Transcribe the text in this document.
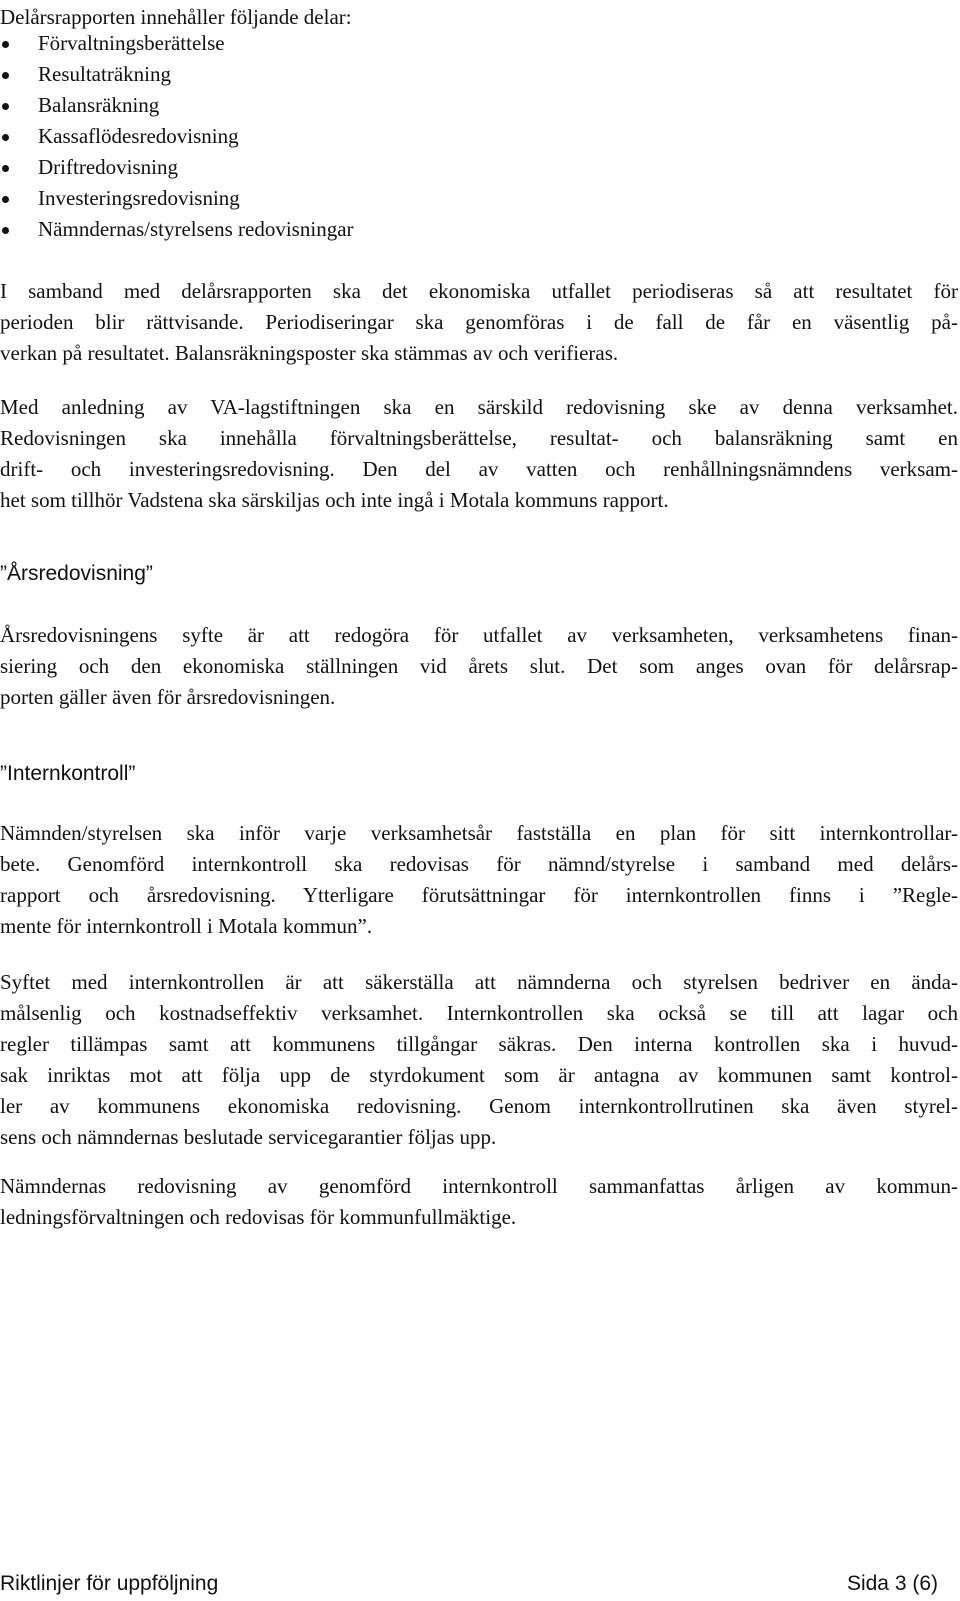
Delårsrapporten innehåller följande delar:

Förvaltningsberättelse
Resultaträkning
Balansräkning
Kassaflödesredovisning
Driftredovisning
Investeringsredovisning
Nämndernas/styrelsens redovisningar
I samband med delårsrapporten ska det ekonomiska utfallet periodiseras så att resultatet för
perioden blir rättvisande. Periodiseringar ska genomföras i de fall de får en väsentlig på-
verkan på resultatet. Balansräkningsposter ska stämmas av och verifieras.
Med anledning av VA-lagstiftningen ska en särskild redovisning ske av denna verksamhet.
Redovisningen ska innehålla förvaltningsberättelse, resultat- och balansräkning samt en
drift- och investeringsredovisning. Den del av vatten och renhållningsnämndens verksam-
het som tillhör Vadstena ska särskiljas och inte ingå i Motala kommuns rapport.
”Årsredovisning”
Årsredovisningens syfte är att redogöra för utfallet av verksamheten, verksamhetens finan-
siering och den ekonomiska ställningen vid årets slut. Det som anges ovan för delårsrap-
porten gäller även för årsredovisningen.
”Internkontroll”
Nämnden/styrelsen ska inför varje verksamhetsår fastställa en plan för sitt internkontrollar-
bete. Genomförd internkontroll ska redovisas för nämnd/styrelse i samband med delårs-
rapport och årsredovisning. Ytterligare förutsättningar för internkontrollen finns i ”Regle-
mente för internkontroll i Motala kommun”.
Syftet med internkontrollen är att säkerställa att nämnderna och styrelsen bedriver en ända-
målsenlig och kostnadseffektiv verksamhet. Internkontrollen ska också se till att lagar och
regler tillämpas samt att kommunens tillgångar säkras. Den interna kontrollen ska i huvud-
sak inriktas mot att följa upp de styrdokument som är antagna av kommunen samt kontrol-
ler av kommunens ekonomiska redovisning. Genom internkontrollrutinen ska även styrel-
sens och nämndernas beslutade servicegarantier följas upp.
Nämndernas redovisning av genomförd internkontroll sammanfattas årligen av kommun-
ledningsförvaltningen och redovisas för kommunfullmäktige.
Riktlinjer för uppföljning	Sida 3 (6)
